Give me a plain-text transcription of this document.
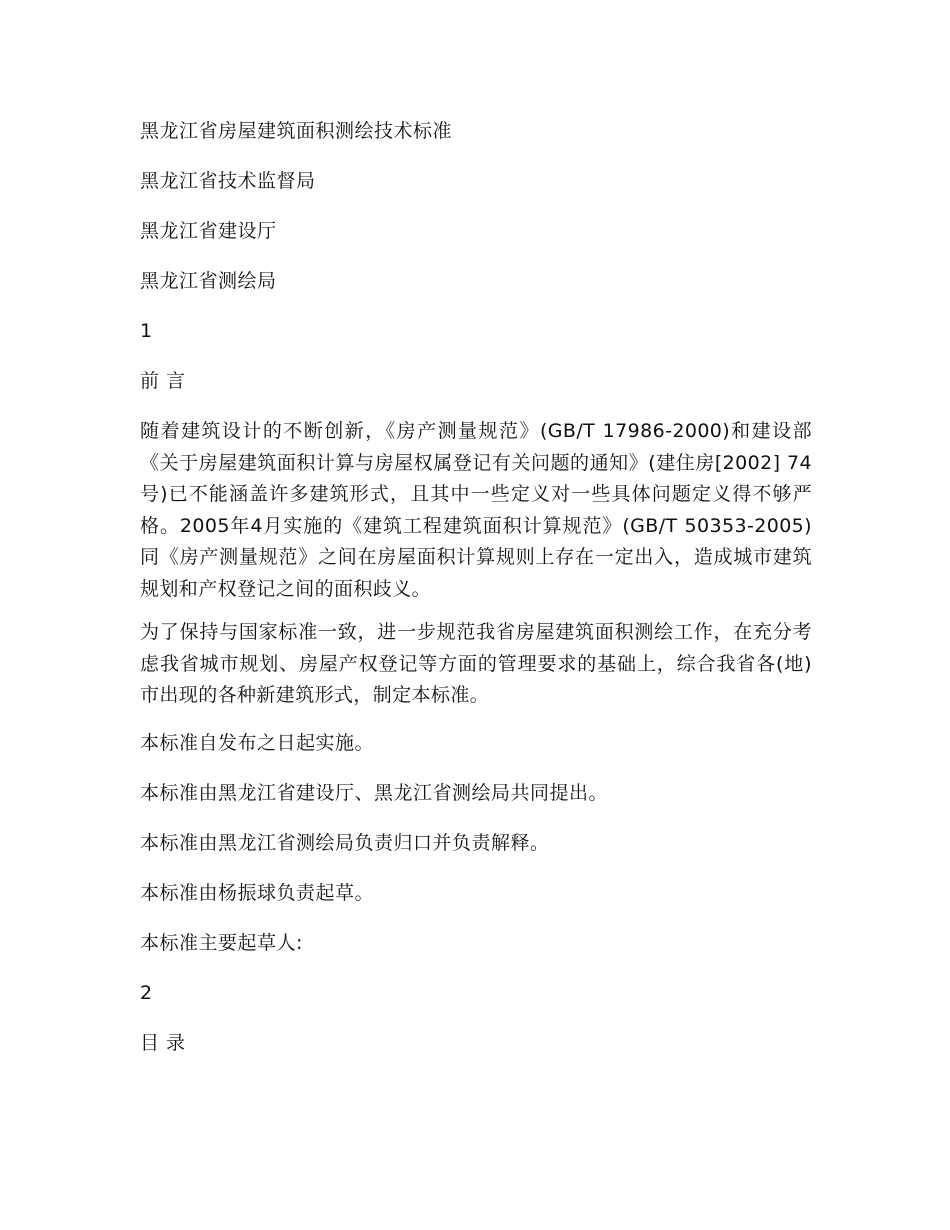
黑龙江省房屋建筑面积测绘技术标准
黑龙江省技术监督局
黑龙江省建设厅
黑龙江省测绘局
1
前 言

随着建筑设计的不断创新，《房产测量规范》(GB/T 17986-2000)和建设部《关于房屋建筑面积计算与房屋权属登记有关问题的通知》(建住房[2002] 74号)已不能涵盖许多建筑形式，且其中一些定义对一些具体问题定义得不够严格。2005年4月实施的《建筑工程建筑面积计算规范》(GB/T 50353-2005)同《房产测量规范》之间在房屋面积计算规则上存在一定出入，造成城市建筑规划和产权登记之间的面积歧义。

为了保持与国家标准一致，进一步规范我省房屋建筑面积测绘工作，在充分考虑我省城市规划、房屋产权登记等方面的管理要求的基础上，综合我省各(地)市出现的各种新建筑形式，制定本标准。

本标准自发布之日起实施。
本标准由黑龙江省建设厅、黑龙江省测绘局共同提出。
本标准由黑龙江省测绘局负责归口并负责解释。
本标准由杨振球负责起草。
本标准主要起草人:
2
目 录
